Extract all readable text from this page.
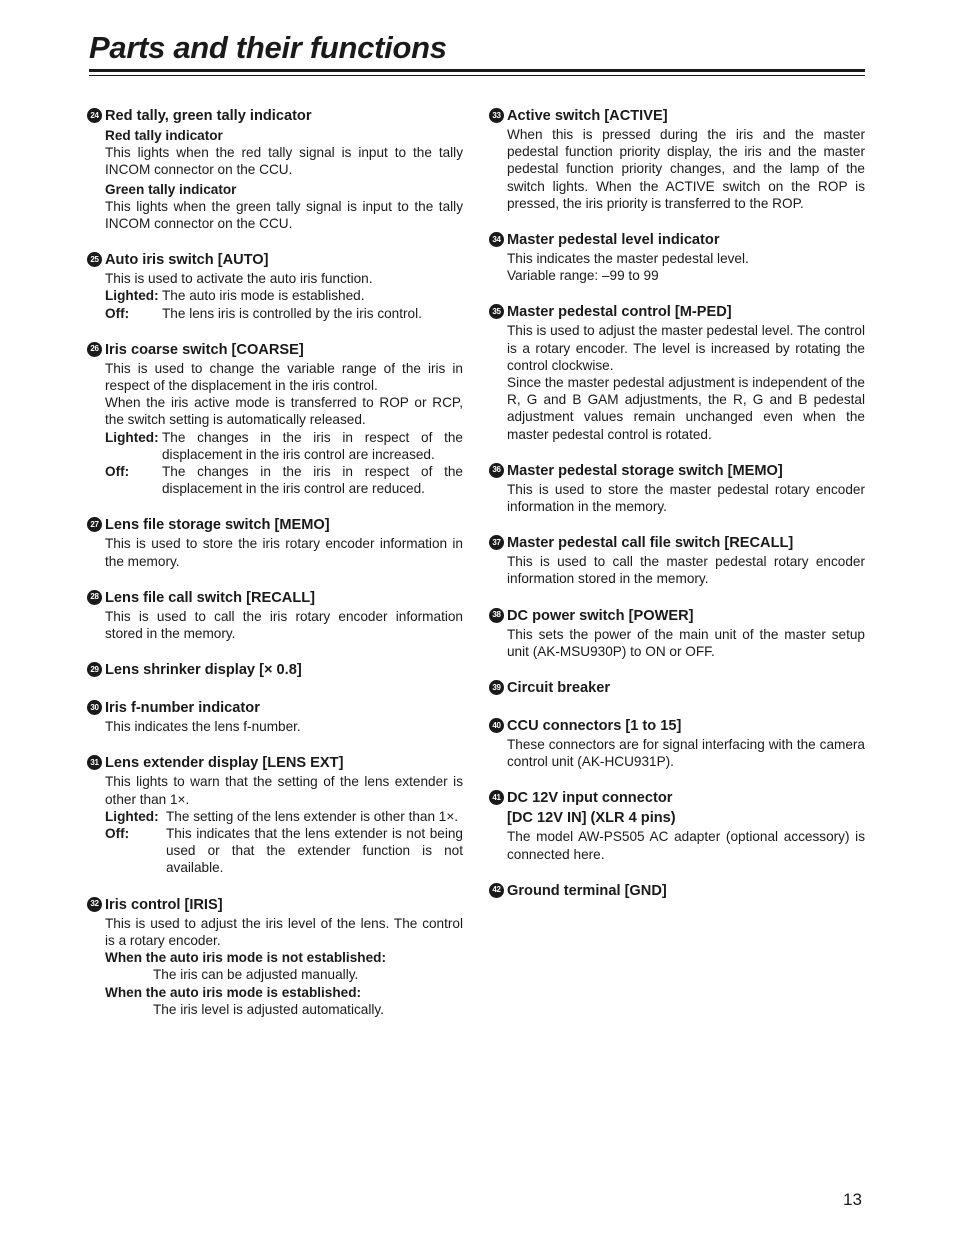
Parts and their functions
24 Red tally, green tally indicator
Red tally indicator

This lights when the red tally signal is input to the tally INCOM connector on the CCU.

Green tally indicator

This lights when the green tally signal is input to the tally INCOM connector on the CCU.

25 Auto iris switch [AUTO]

This is used to activate the auto iris function.

Lighted: The auto iris mode is established.
Off:	The lens iris is controlled by the iris control.
26 Iris coarse switch [COARSE]

This is used to change the variable range of the iris in respect of the displacement in the iris control.

When the iris active mode is transferred to ROP or RCP, the switch setting is automatically released.

Lighted: The changes in the iris in respect of the displacement in the iris control are increased.
Off:	The changes in the iris in respect of the displacement in the iris control are reduced.
27 Lens file storage switch [MEMO]

This is used to store the iris rotary encoder information in the memory.

28 Lens file call switch [RECALL]

This is used to call the iris rotary encoder information stored in the memory.

29 Lens shrinker display [× 0.8]
30 Iris f-number indicator

This indicates the lens f-number.

31 Lens extender display [LENS EXT]

This lights to warn that the setting of the lens extender is other than 1×.

Lighted: The setting of the lens extender is other than 1×.
Off:	This indicates that the lens extender is not being used or that the extender function is not available.
32 Iris control [IRIS]

This is used to adjust the iris level of the lens. The control is a rotary encoder.

When the auto iris mode is not established:
The iris can be adjusted manually.
When the auto iris mode is established:
The iris level is adjusted automatically.
33 Active switch [ACTIVE]

When this is pressed during the iris and the master pedestal function priority display, the iris and the master pedestal function priority changes, and the lamp of the switch lights. When the ACTIVE switch on the ROP is pressed, the iris priority is transferred to the ROP.

34 Master pedestal level indicator

This indicates the master pedestal level.

Variable range: –99 to 99

35 Master pedestal control [M-PED]

This is used to adjust the master pedestal level. The control is a rotary encoder. The level is increased by rotating the control clockwise.

Since the master pedestal adjustment is independent of the R, G and B GAM adjustments, the R, G and B pedestal adjustment values remain unchanged even when the master pedestal control is rotated.

36 Master pedestal storage switch [MEMO]

This is used to store the master pedestal rotary encoder information in the memory.

37 Master pedestal call file switch [RECALL]

This is used to call the master pedestal rotary encoder information stored in the memory.

38 DC power switch [POWER]

This sets the power of the main unit of the master setup unit (AK-MSU930P) to ON or OFF.

39 Circuit breaker
40 CCU connectors [1 to 15]

These connectors are for signal interfacing with the camera control unit (AK-HCU931P).

41 DC 12V input connector
[DC 12V IN] (XLR 4 pins)

The model AW-PS505 AC adapter (optional accessory) is connected here.

42 Ground terminal [GND]
13
